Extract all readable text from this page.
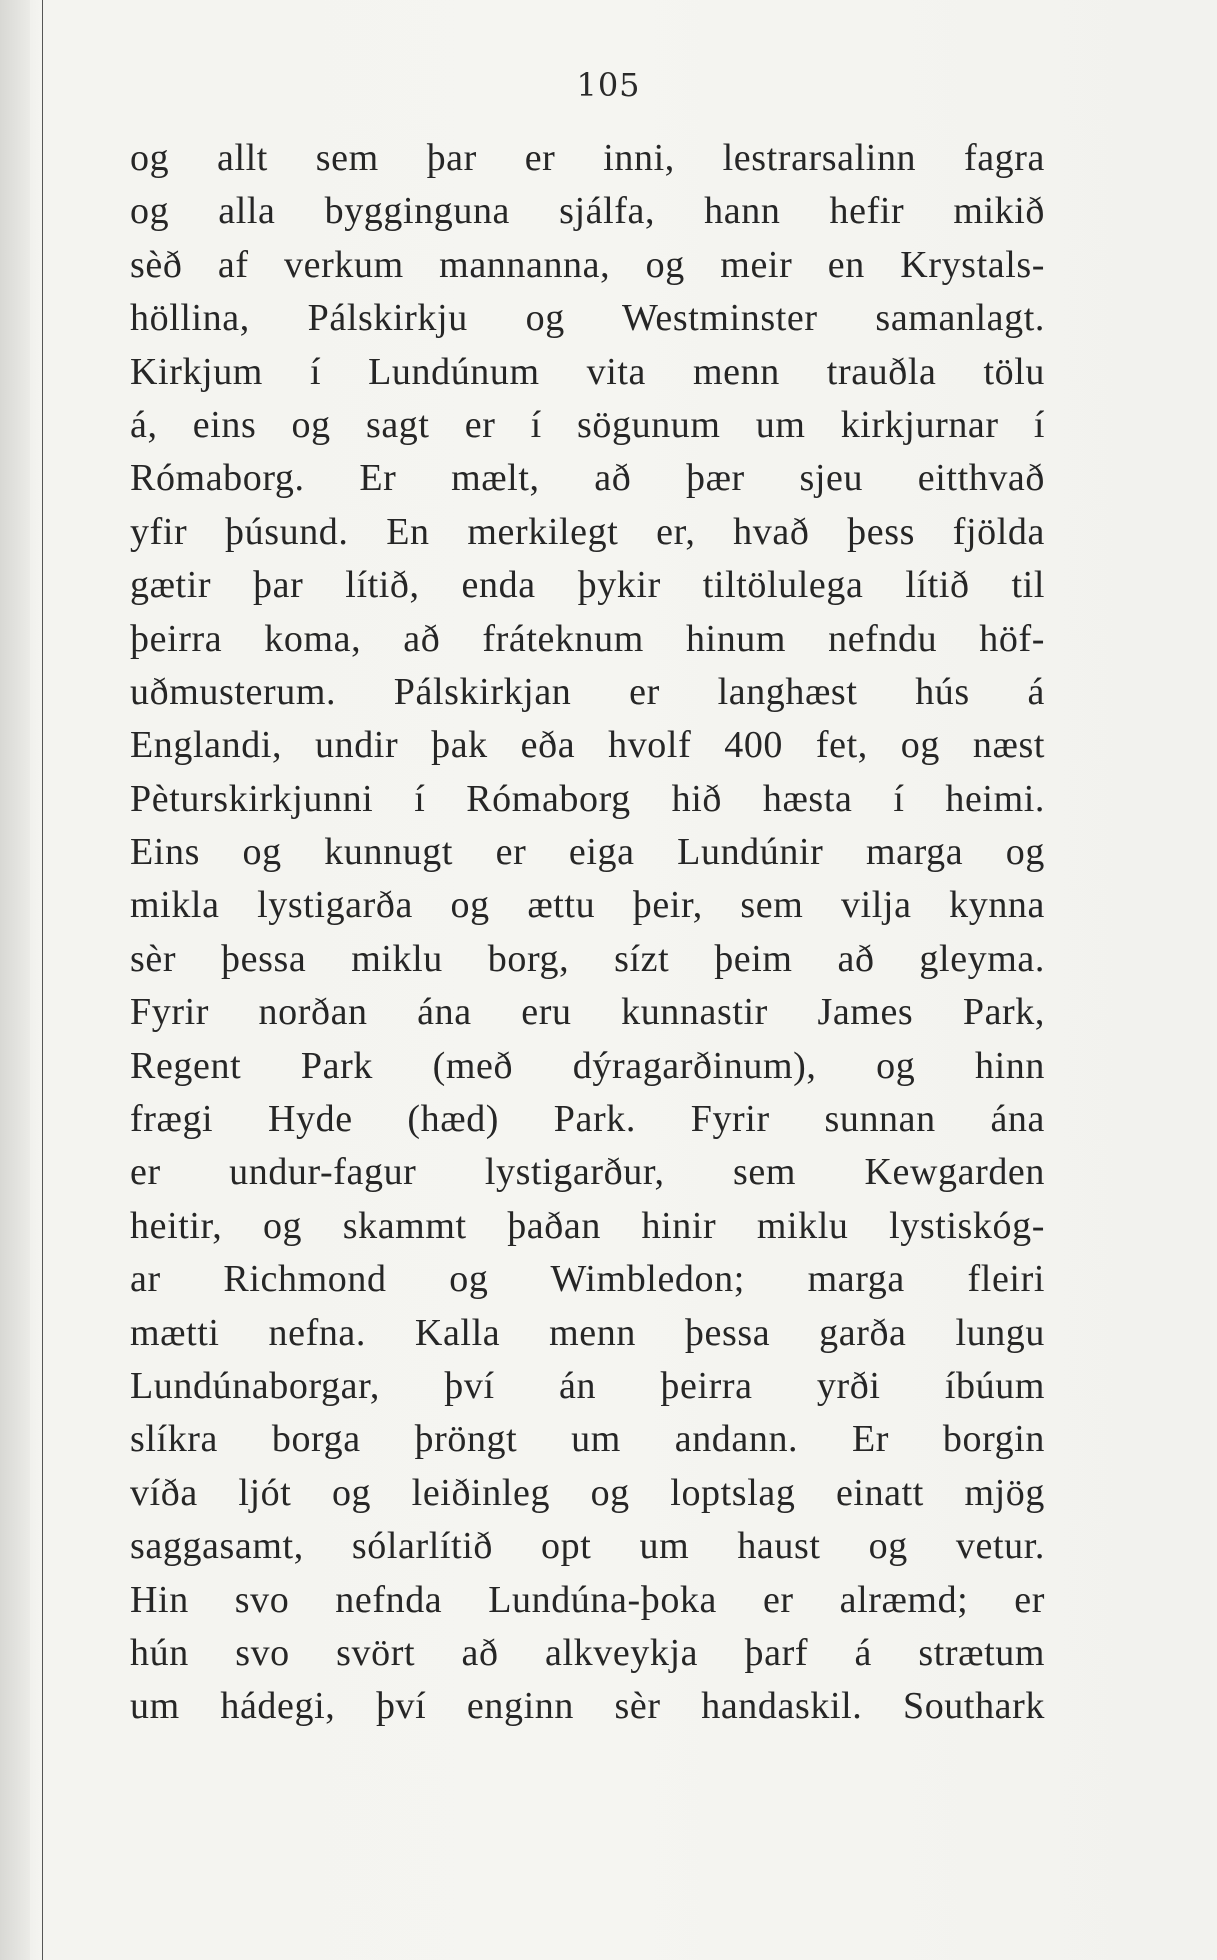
105
og allt sem þar er inni, lestrarsalinn fagra
og alla bygginguna sjálfa, hann hefir mikið
sèð af verkum mannanna, og meir en Krystals-
höllina, Pálskirkju og Westminster samanlagt.
Kirkjum í Lundúnum vita menn trauðla tölu
á, eins og sagt er í sögunum um kirkjurnar í
Rómaborg. Er mælt, að þær sjeu eitthvað
yfir þúsund. En merkilegt er, hvað þess fjölda
gætir þar lítið, enda þykir tiltölulega lítið til
þeirra koma, að fráteknum hinum nefndu höf-
uðmusterum. Pálskirkjan er langhæst hús á
Englandi, undir þak eða hvolf 400 fet, og næst
Pèturskirkjunni í Rómaborg hið hæsta í heimi.
Eins og kunnugt er eiga Lundúnir marga og
mikla lystigarða og ættu þeir, sem vilja kynna
sèr þessa miklu borg, sízt þeim að gleyma.
Fyrir norðan ána eru kunnastir James Park,
Regent Park (með dýragarðinum), og hinn
frægi Hyde (hæd) Park. Fyrir sunnan ána
er undur-fagur lystigarður, sem Kewgarden
heitir, og skammt þaðan hinir miklu lystiskóg-
ar Richmond og Wimbledon; marga fleiri
mætti nefna. Kalla menn þessa garða lungu
Lundúnaborgar, því án þeirra yrði íbúum
slíkra borga þröngt um andann. Er borgin
víða ljót og leiðinleg og loptslag einatt mjög
saggasamt, sólarlítið opt um haust og vetur.
Hin svo nefnda Lundúna-þoka er alræmd; er
hún svo svört að alkveykja þarf á strætum
um hádegi, því enginn sèr handaskil. Southark
